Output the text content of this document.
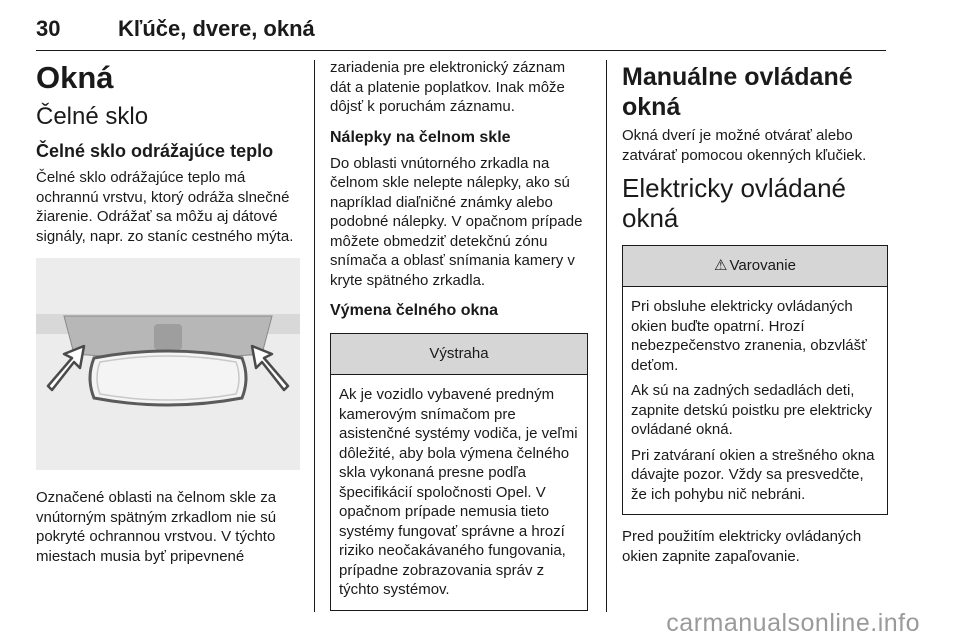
30	Kľúče, dvere, okná
Okná
Čelné sklo
Čelné sklo odrážajúce teplo

Čelné sklo odrážajúce teplo má ochrannú vrstvu, ktorý odráža slnečné žiarenie. Odrážať sa môžu aj dátové signály, napr. zo staníc cestného mýta.

Označené oblasti na čelnom skle za vnútorným spätným zrkadlom nie sú pokryté ochrannou vrstvou. V týchto miestach musia byť pripevnené

zariadenia pre elektronický záznam dát a platenie poplatkov. Inak môže dôjsť k poruchám záznamu.

Nálepky na čelnom skle

Do oblasti vnútorného zrkadla na čelnom skle nelepte nálepky, ako sú napríklad diaľničné známky alebo podobné nálepky. V opačnom prípade môžete obmedziť detekčnú zónu snímača a oblasť snímania kamery v kryte spätného zrkadla.

Výmena čelného okna
Výstraha

Ak je vozidlo vybavené predným kamerovým snímačom pre asistenčné systémy vodiča, je veľmi dôležité, aby bola výmena čelného skla vykonaná presne podľa špecifikácií spoločnosti Opel. V opačnom prípade nemusia tieto systémy fungovať správne a hrozí riziko neočakávaného fungovania, prípadne zobrazovania správ z týchto systémov.

Manuálne ovládané okná

Okná dverí je možné otvárať alebo zatvárať pomocou okenných kľučiek.

Elektricky ovládané okná
⚠ Varovanie

Pri obsluhe elektricky ovládaných okien buďte opatrní. Hrozí nebezpečenstvo zranenia, obzvlášť deťom.

Ak sú na zadných sedadlách deti, zapnite detskú poistku pre elektricky ovládané okná.

Pri zatváraní okien a strešného okna dávajte pozor. Vždy sa presvedčte, že ich pohybu nič nebráni.

Pred použitím elektricky ovládaných okien zapnite zapaľovanie.

carmanualsonline.info
